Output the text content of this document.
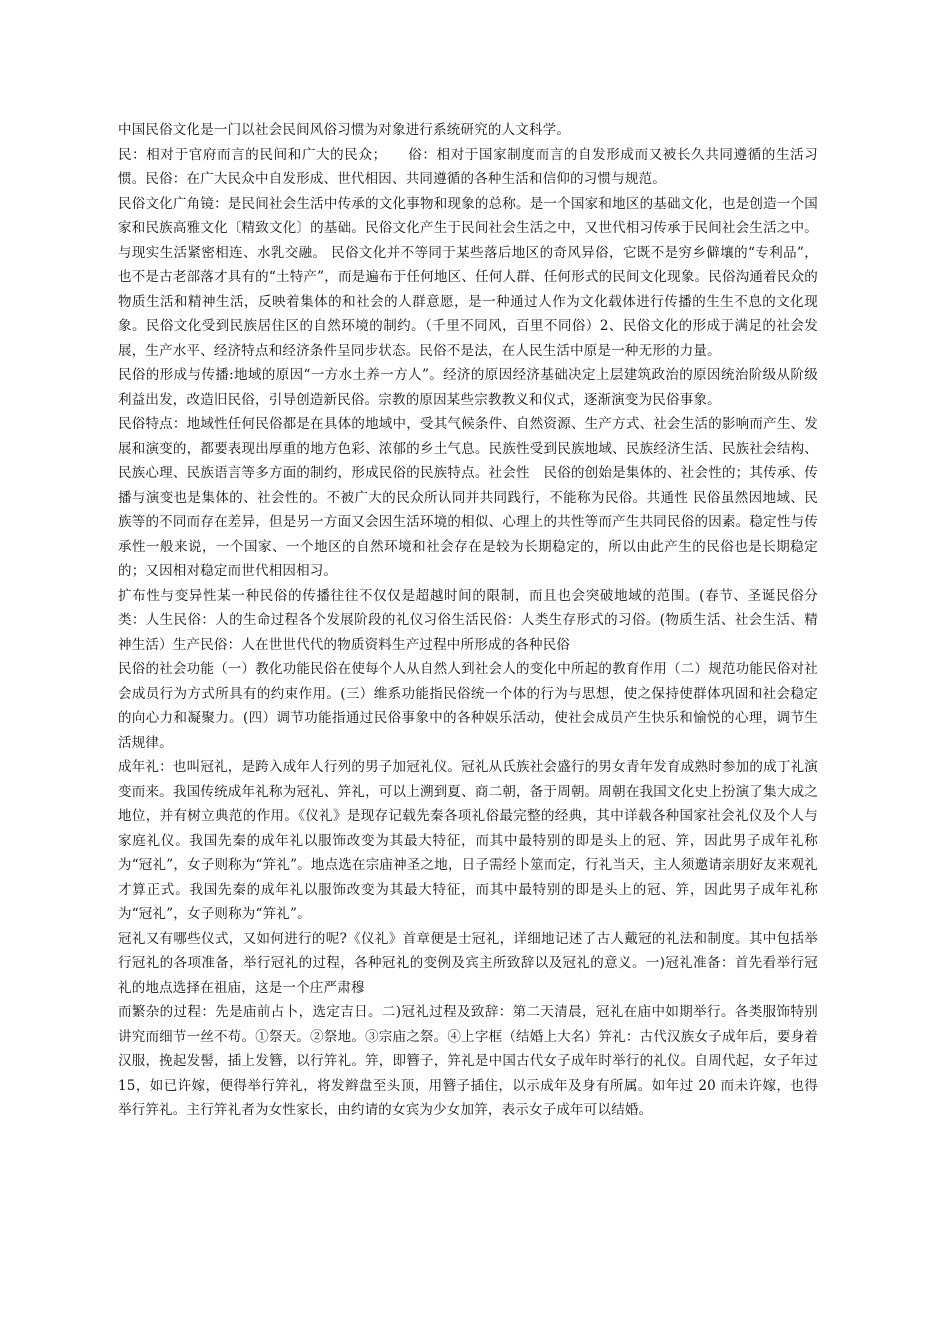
中国民俗文化是一门以社会民间风俗习惯为对象进行系统研究的人文科学。

民：相对于官府而言的民间和广大的民众；　　俗：相对于国家制度而言的自发形成而又被长久共同遵循的生活习惯。民俗：在广大民众中自发形成、世代相因、共同遵循的各种生活和信仰的习惯与规范。

民俗文化广角镜：是民间社会生活中传承的文化事物和现象的总称。是一个国家和地区的基础文化，也是创造一个国家和民族高雅文化〔精致文化〕的基础。民俗文化产生于民间社会生活之中，又世代相习传承于民间社会生活之中。与现实生活紧密相连、水乳交融。 民俗文化并不等同于某些落后地区的奇风异俗，它既不是穷乡僻壤的“专利品”，也不是古老部落才具有的“土特产”，而是遍布于任何地区、任何人群、任何形式的民间文化现象。民俗沟通着民众的物质生活和精神生活，反映着集体的和社会的人群意愿，是一种通过人作为文化载体进行传播的生生不息的文化现象。民俗文化受到民族居住区的自然环境的制约。（千里不同风，百里不同俗）2、民俗文化的形成于满足的社会发展，生产水平、经济特点和经济条件呈同步状态。民俗不是法，在人民生活中原是一种无形的力量。

民俗的形成与传播:地域的原因“一方水土养一方人”。经济的原因经济基础决定上层建筑政治的原因统治阶级从阶级利益出发，改造旧民俗，引导创造新民俗。宗教的原因某些宗教教义和仪式，逐渐演变为民俗事象。

民俗特点：地域性任何民俗都是在具体的地域中，受其气候条件、自然资源、生产方式、社会生活的影响而产生、发展和演变的，都要表现出厚重的地方色彩、浓郁的乡土气息。民族性受到民族地域、民族经济生活、民族社会结构、民族心理、民族语言等多方面的制约，形成民俗的民族特点。社会性　民俗的创始是集体的、社会性的；其传承、传播与演变也是集体的、社会性的。不被广大的民众所认同并共同践行，不能称为民俗。共通性 民俗虽然因地域、民族等的不同而存在差异，但是另一方面又会因生活环境的相似、心理上的共性等而产生共同民俗的因素。稳定性与传承性一般来说，一个国家、一个地区的自然环境和社会存在是较为长期稳定的，所以由此产生的民俗也是长期稳定的；又因相对稳定而世代相因相习。

扩布性与变异性某一种民俗的传播往往不仅仅是超越时间的限制，而且也会突破地域的范围。(春节、圣诞民俗分类：人生民俗：人的生命过程各个发展阶段的礼仪习俗生活民俗：人类生存形式的习俗。(物质生活、社会生活、精神生活）生产民俗：人在世世代代的物质资料生产过程中所形成的各种民俗

民俗的社会功能（一）教化功能民俗在使每个人从自然人到社会人的变化中所起的教育作用（二）规范功能民俗对社会成员行为方式所具有的约束作用。(三）维系功能指民俗统一个体的行为与思想，使之保持使群体巩固和社会稳定的向心力和凝聚力。(四）调节功能指通过民俗事象中的各种娱乐活动，使社会成员产生快乐和愉悦的心理，调节生活规律。

成年礼：也叫冠礼，是跨入成年人行列的男子加冠礼仪。冠礼从氏族社会盛行的男女青年发育成熟时参加的成丁礼演变而来。我国传统成年礼称为冠礼、笄礼，可以上溯到夏、商二朝，备于周朝。周朝在我国文化史上扮演了集大成之地位，并有树立典范的作用。《仪礼》是现存记载先秦各项礼俗最完整的经典，其中详载各种国家社会礼仪及个人与家庭礼仪。我国先秦的成年礼以服饰改变为其最大特征，而其中最特别的即是头上的冠、笄，因此男子成年礼称为“冠礼”，女子则称为“笄礼”。地点选在宗庙神圣之地，日子需经卜筮而定，行礼当天，主人须邀请亲朋好友来观礼才算正式。我国先秦的成年礼以服饰改变为其最大特征，而其中最特别的即是头上的冠、笄，因此男子成年礼称为“冠礼”，女子则称为“笄礼”。

冠礼又有哪些仪式，又如何进行的呢?《仪礼》首章便是士冠礼，详细地记述了古人戴冠的礼法和制度。其中包括举行冠礼的各项准备，举行冠礼的过程，各种冠礼的变例及宾主所致辞以及冠礼的意义。一)冠礼准备：首先看举行冠礼的地点选择在祖庙，这是一个庄严肃穆

而繁杂的过程：先是庙前占卜，选定吉日。二)冠礼过程及致辞：第二天清晨，冠礼在庙中如期举行。各类服饰特别讲究而细节一丝不苟。①祭天。②祭地。③宗庙之祭。④上字框（结婚上大名）笄礼：古代汉族女子成年后，要身着汉服，挽起发髻，插上发簪，以行笄礼。笄，即簪子，笄礼是中国古代女子成年时举行的礼仪。自周代起，女子年过 15，如已许嫁，便得举行笄礼，将发辫盘至头顶，用簪子插住，以示成年及身有所属。如年过 20 而未许嫁，也得举行笄礼。主行笄礼者为女性家长，由约请的女宾为少女加笄，表示女子成年可以结婚。
